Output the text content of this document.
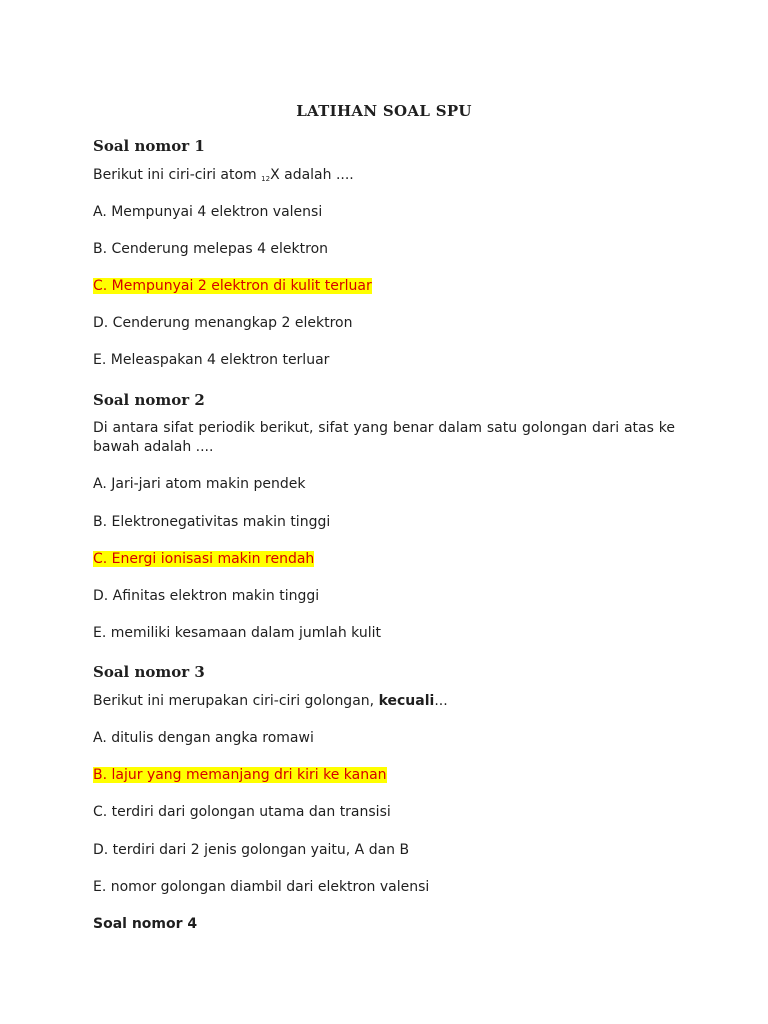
LATIHAN SOAL SPU
Soal nomor 1

Berikut ini ciri-ciri atom $_{12}$X adalah ....

A. Mempunyai 4 elektron valensi

B. Cenderung melepas 4 elektron

C. Mempunyai 2 elektron di kulit terluar

D. Cenderung menangkap 2 elektron

E. Meleaspakan 4 elektron terluar

Soal nomor 2

Di antara sifat periodik berikut, sifat yang benar dalam satu golongan dari atas ke bawah adalah ....

A. Jari-jari atom makin pendek

B. Elektronegativitas makin tinggi

C. Energi ionisasi makin rendah

D. Afinitas elektron makin tinggi

E. memiliki kesamaan dalam jumlah kulit

Soal nomor 3

Berikut ini merupakan ciri-ciri golongan, kecuali...

A. ditulis dengan angka romawi

B. lajur yang memanjang dri kiri ke kanan

C. terdiri dari golongan utama dan transisi

D. terdiri dari 2 jenis golongan yaitu, A dan B

E. nomor golongan diambil dari elektron valensi

Soal nomor 4
